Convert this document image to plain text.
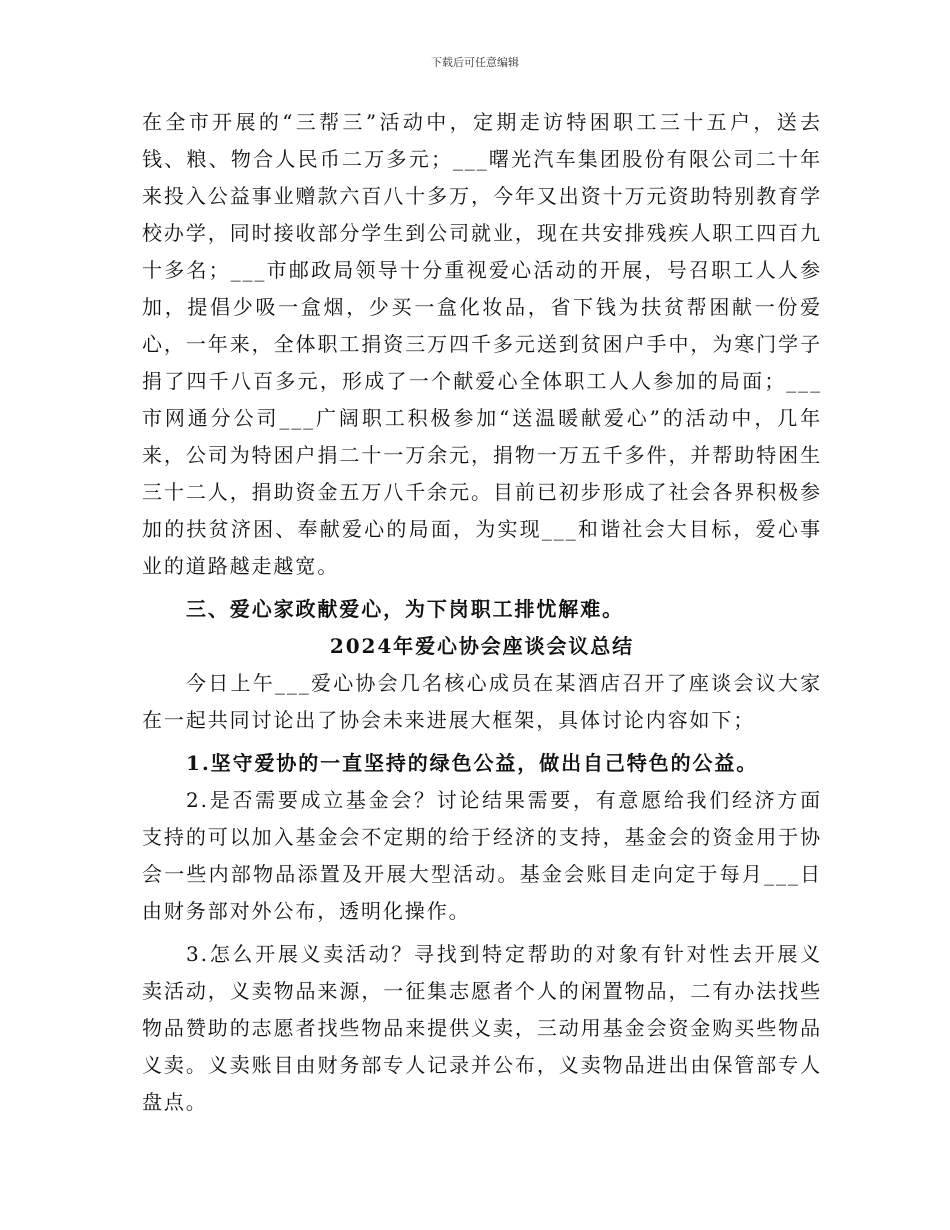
下载后可任意编辑

在全市开展的“三帮三”活动中，定期走访特困职工三十五户，送去钱、粮、物合人民币二万多元；___曙光汽车集团股份有限公司二十年来投入公益事业赠款六百八十多万，今年又出资十万元资助特别教育学校办学，同时接收部分学生到公司就业，现在共安排残疾人职工四百九十多名；___市邮政局领导十分重视爱心活动的开展，号召职工人人参加，提倡少吸一盒烟，少买一盒化妆品，省下钱为扶贫帮困献一份爱心，一年来，全体职工捐资三万四千多元送到贫困户手中，为寒门学子捐了四千八百多元，形成了一个献爱心全体职工人人参加的局面；___市网通分公司___广阔职工积极参加“送温暖献爱心”的活动中，几年来，公司为特困户捐二十一万余元，捐物一万五千多件，并帮助特困生三十二人，捐助资金五万八千余元。目前已初步形成了社会各界积极参加的扶贫济困、奉献爱心的局面，为实现___和谐社会大目标，爱心事业的道路越走越宽。

三、爱心家政献爱心，为下岗职工排忧解难。

2024年爱心协会座谈会议总结

今日上午___爱心协会几名核心成员在某酒店召开了座谈会议大家在一起共同讨论出了协会未来进展大框架，具体讨论内容如下；

1.坚守爱协的一直坚持的绿色公益，做出自己特色的公益。

2.是否需要成立基金会？讨论结果需要，有意愿给我们经济方面支持的可以加入基金会不定期的给于经济的支持，基金会的资金用于协会一些内部物品添置及开展大型活动。基金会账目走向定于每月___日由财务部对外公布，透明化操作。

3.怎么开展义卖活动？寻找到特定帮助的对象有针对性去开展义卖活动，义卖物品来源，一征集志愿者个人的闲置物品，二有办法找些物品赞助的志愿者找些物品来提供义卖，三动用基金会资金购买些物品义卖。义卖账目由财务部专人记录并公布，义卖物品进出由保管部专人盘点。
